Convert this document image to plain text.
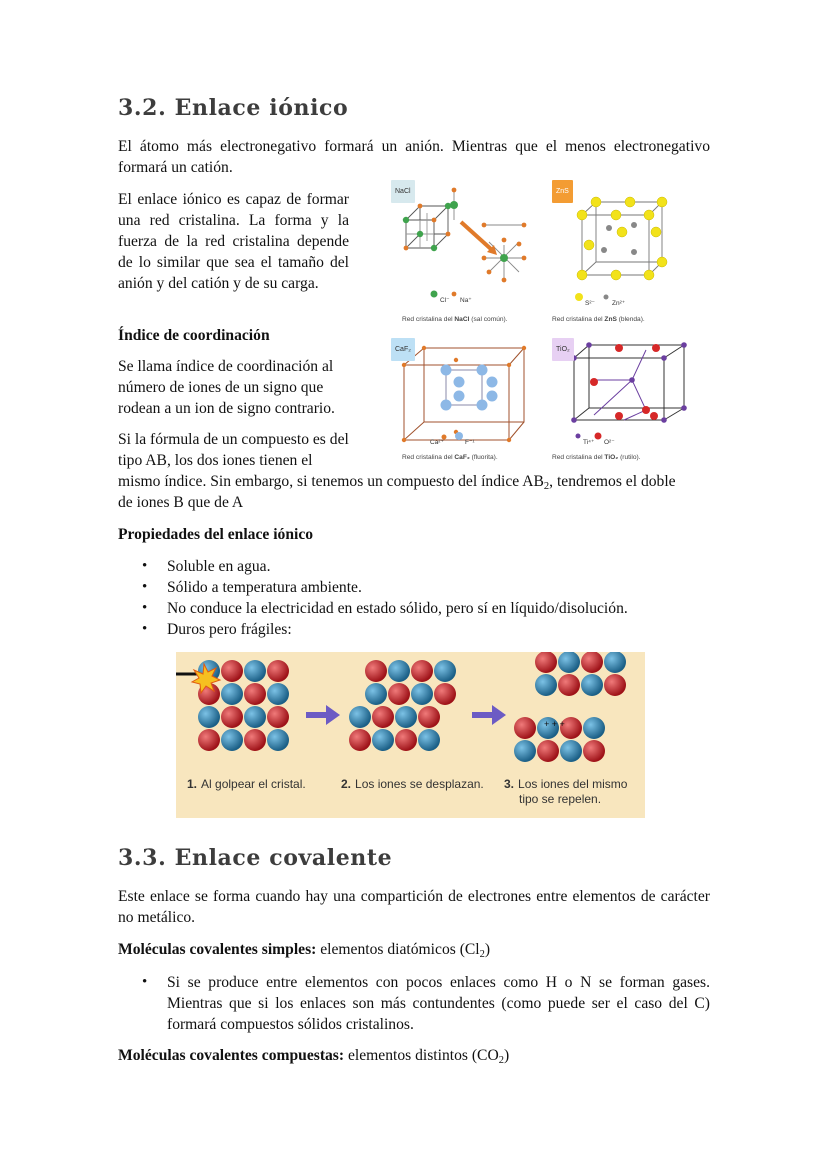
3.2. Enlace iónico

El átomo más electronegativo formará un anión. Mientras que el menos electronegativo formará un catión.

El enlace iónico es capaz de formar una red cristalina. La forma y la fuerza de la red cristalina depende de lo similar que sea el tamaño del anión y del catión y de su carga.

Índice de coordinación

Se llama índice de coordinación al número de iones de un signo que rodean a un ion de signo contrario.

Si la fórmula de un compuesto es del tipo AB, los dos iones tienen el

mismo índice. Sin embargo, si tenemos un compuesto del índice $AB_2$, tendremos el doble

de iones B que de A

NaCl	ZnS
CaF₂	TiO₂
Cl⁻ Na⁺	S²⁻	Zn²⁺
Ca²⁺	F⁻¹	Ti⁴⁺ O²⁻
Red cristalina del NaCl (sal común).	Red cristalina del ZnS (blenda).
Red cristalina del CaF₂ (fluorita).	Red cristalina del TiO₂ (rutilo).

Propiedades del enlace iónico

• Soluble en agua.
• Sólido a temperatura ambiente.
• No conduce la electricidad en estado sólido, pero sí en líquido/disolución.
• Duros pero frágiles:
+ + +
1. Al golpear el cristal.	2. Los iones se desplazan. 3. Los iones del mismo
tipo se repelen.
3.3. Enlace covalente

Este enlace se forma cuando hay una compartición de electrones entre elementos de carácter no metálico.

Moléculas covalentes simples: elementos diatómicos $(Cl_2)$

• Si se produce entre elementos con pocos enlaces como H o N se forman gases. Mientras que si los enlaces son más contundentes (como puede ser el caso del C) formará compuestos sólidos cristalinos.

Moléculas covalentes compuestas: elementos distintos $(CO_2)$
